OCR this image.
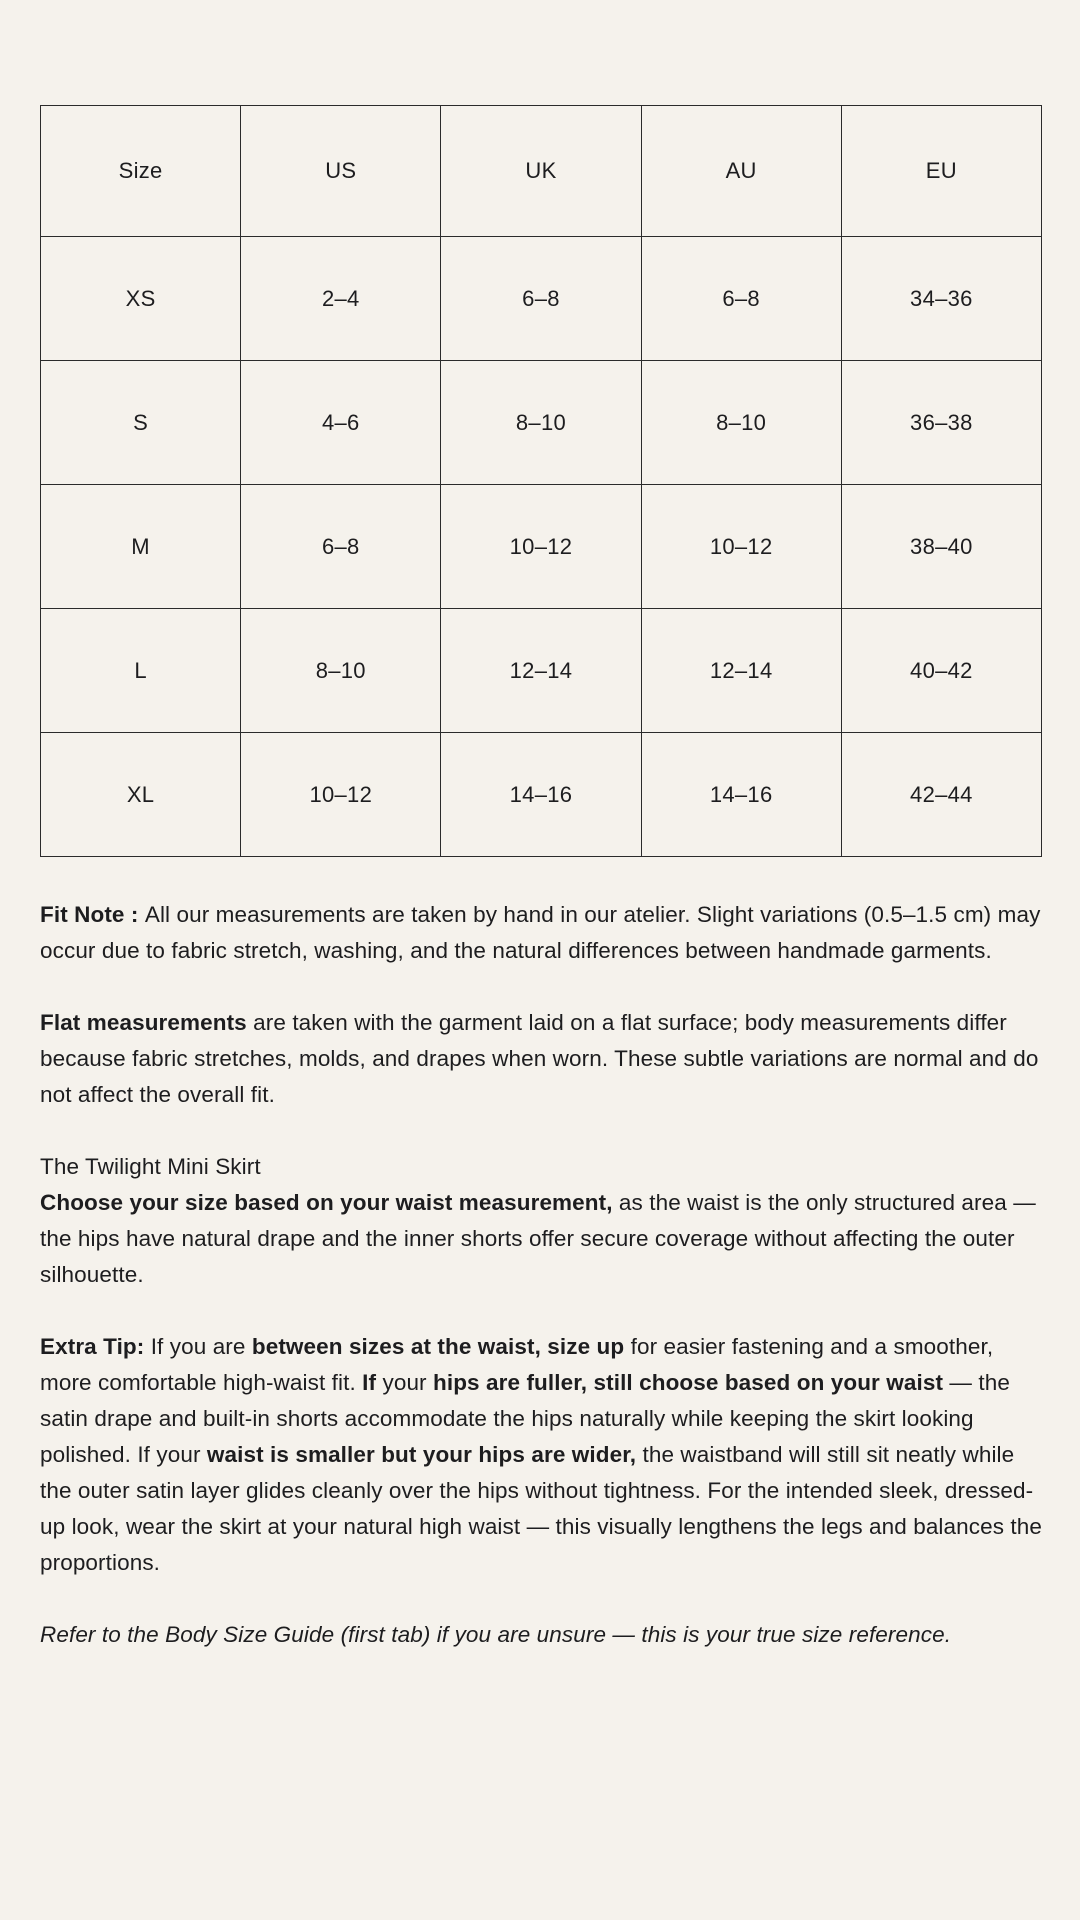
Size	US	UK	AU	EU
XS	2–4	6–8	6–8	34–36
S	4–6	8–10	8–10	36–38
M	6–8	10–12	10–12	38–40
L	8–10	12–14	12–14	40–42
XL	10–12	14–16	14–16	42–44
Fit Note : All our measurements are taken by hand in our atelier. Slight variations (0.5–1.5 cm) may occur due to fabric stretch, washing, and the natural differences between handmade garments.
Flat measurements are taken with the garment laid on a flat surface; body measurements differ because fabric stretches, molds, and drapes when worn. These subtle variations are normal and do not affect the overall fit.
The Twilight Mini Skirt
Choose your size based on your waist measurement, as the waist is the only structured area — the hips have natural drape and the inner shorts offer secure coverage without affecting the outer silhouette.
Extra Tip: If you are between sizes at the waist, size up for easier fastening and a smoother, more comfortable high-waist fit. If your hips are fuller, still choose based on your waist — the satin drape and built-in shorts accommodate the hips naturally while keeping the skirt looking polished. If your waist is smaller but your hips are wider, the waistband will still sit neatly while the outer satin layer glides cleanly over the hips without tightness. For the intended sleek, dressed-up look, wear the skirt at your natural high waist — this visually lengthens the legs and balances the proportions.
Refer to the Body Size Guide (first tab) if you are unsure — this is your true size reference.
